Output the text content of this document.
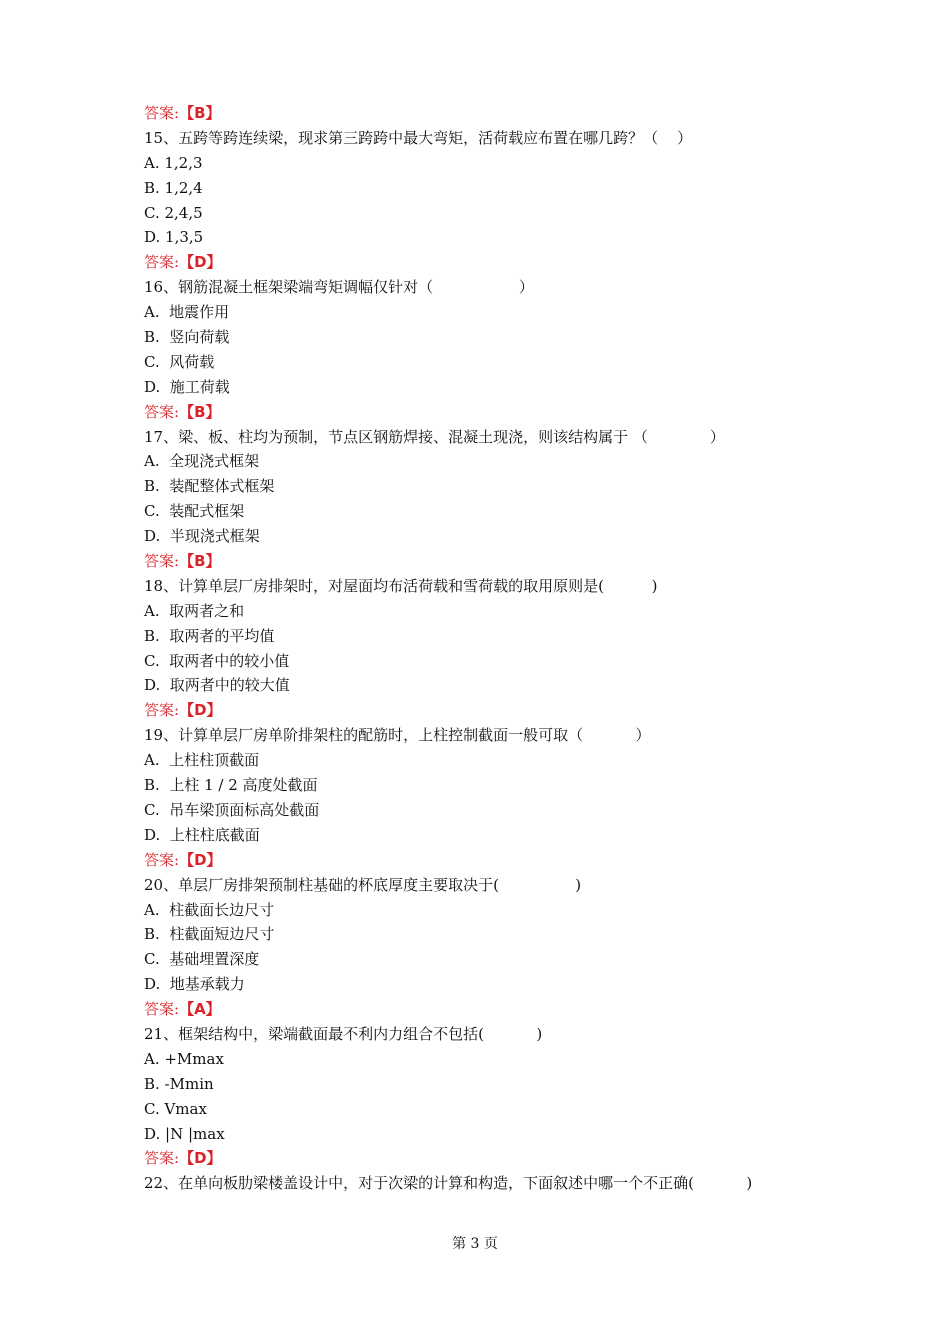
答案:【B】
15、五跨等跨连续梁，现求第三跨跨中最大弯矩，活荷载应布置在哪几跨？（    ）
A. 1,2,3
B. 1,2,4
C. 2,4,5
D. 1,3,5
答案:【D】
16、钢筋混凝土框架梁端弯矩调幅仅针对（                  ）
A.  地震作用
B.  竖向荷载
C.  风荷载
D.  施工荷载
答案:【B】
17、梁、板、柱均为预制，节点区钢筋焊接、混凝土现浇，则该结构属于 （             ）
A.  全现浇式框架
B.  装配整体式框架
C.  装配式框架
D.  半现浇式框架
答案:【B】
18、计算单层厂房排架时，对屋面均布活荷载和雪荷载的取用原则是(          )
A.  取两者之和
B.  取两者的平均值
C.  取两者中的较小值
D.  取两者中的较大值
答案:【D】
19、计算单层厂房单阶排架柱的配筋时，上柱控制截面一般可取（           ）
A.  上柱柱顶截面
B.  上柱 1 / 2 高度处截面
C.  吊车梁顶面标高处截面
D.  上柱柱底截面
答案:【D】
20、单层厂房排架预制柱基础的杯底厚度主要取决于(                )
A.  柱截面长边尺寸
B.  柱截面短边尺寸
C.  基础埋置深度
D.  地基承载力
答案:【A】
21、框架结构中，梁端截面最不利内力组合不包括(           )
A. +Mmax
B. -Mmin
C. Vmax
D. |N |max
答案:【D】
22、在单向板肋梁楼盖设计中，对于次梁的计算和构造，下面叙述中哪一个不正确(           )
第 3 页
